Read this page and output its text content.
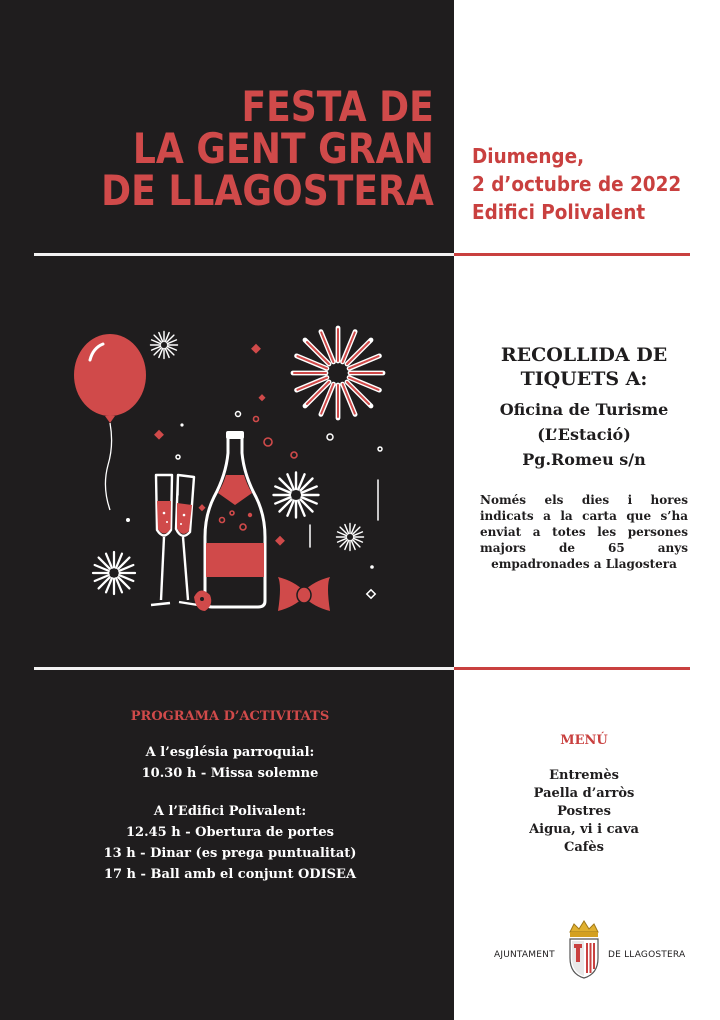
FESTA DE
LA GENT GRAN
DE LLAGOSTERA
Diumenge,
2 d’octubre de 2022
Edifici Polivalent
RECOLLIDA DE
TIQUETS A:
Oficina de Turisme
(L’Estació)
Pg.Romeu s/n
Només els dies i hores indicats a la carta que s’ha enviat a totes les persones majors de 65 anys empadronades a Llagostera
PROGRAMA D’ACTIVITATS
A l’església parroquial:
10.30 h - Missa solemne
A l’Edifici Polivalent:
12.45 h - Obertura de portes
13 h - Dinar (es prega puntualitat)
17 h - Ball amb el conjunt ODISEA
MENÚ
Entremès
Paella d’arròs
Postres
Aigua, vi i cava
Cafès
AJUNTAMENT	DE LLAGOSTERA
